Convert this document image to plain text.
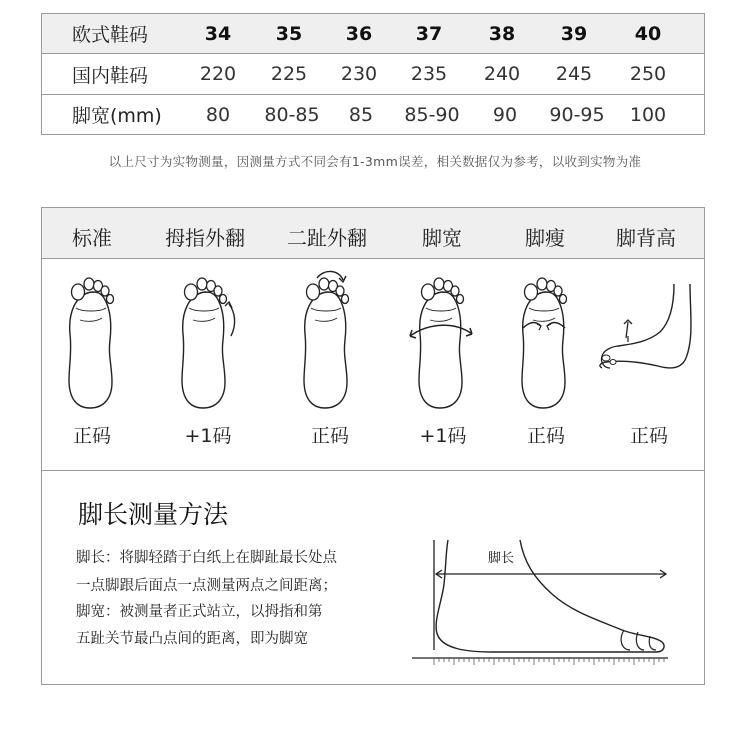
欧式鞋码	34 35 36 37 38 39	40
国内鞋码	220 225 230 235 240 245 250
脚宽(mm)	80 80-85 85 85-90 90 90-95 100
以上尺寸为实物测量，因测量方式不同会有1-3mm误差，相关数据仅为参考，以收到实物为准
标准	拇指外翻 二趾外翻	脚宽	脚瘦	脚背高
正码	+1码	正码	+1码	正码	正码
脚长测量方法
脚长：将脚轻踏于白纸上在脚趾最长处点
一点脚跟后面点一点测量两点之间距离；
脚宽：被测量者正式站立，以拇指和第
五趾关节最凸点间的距离，即为脚宽
脚长
